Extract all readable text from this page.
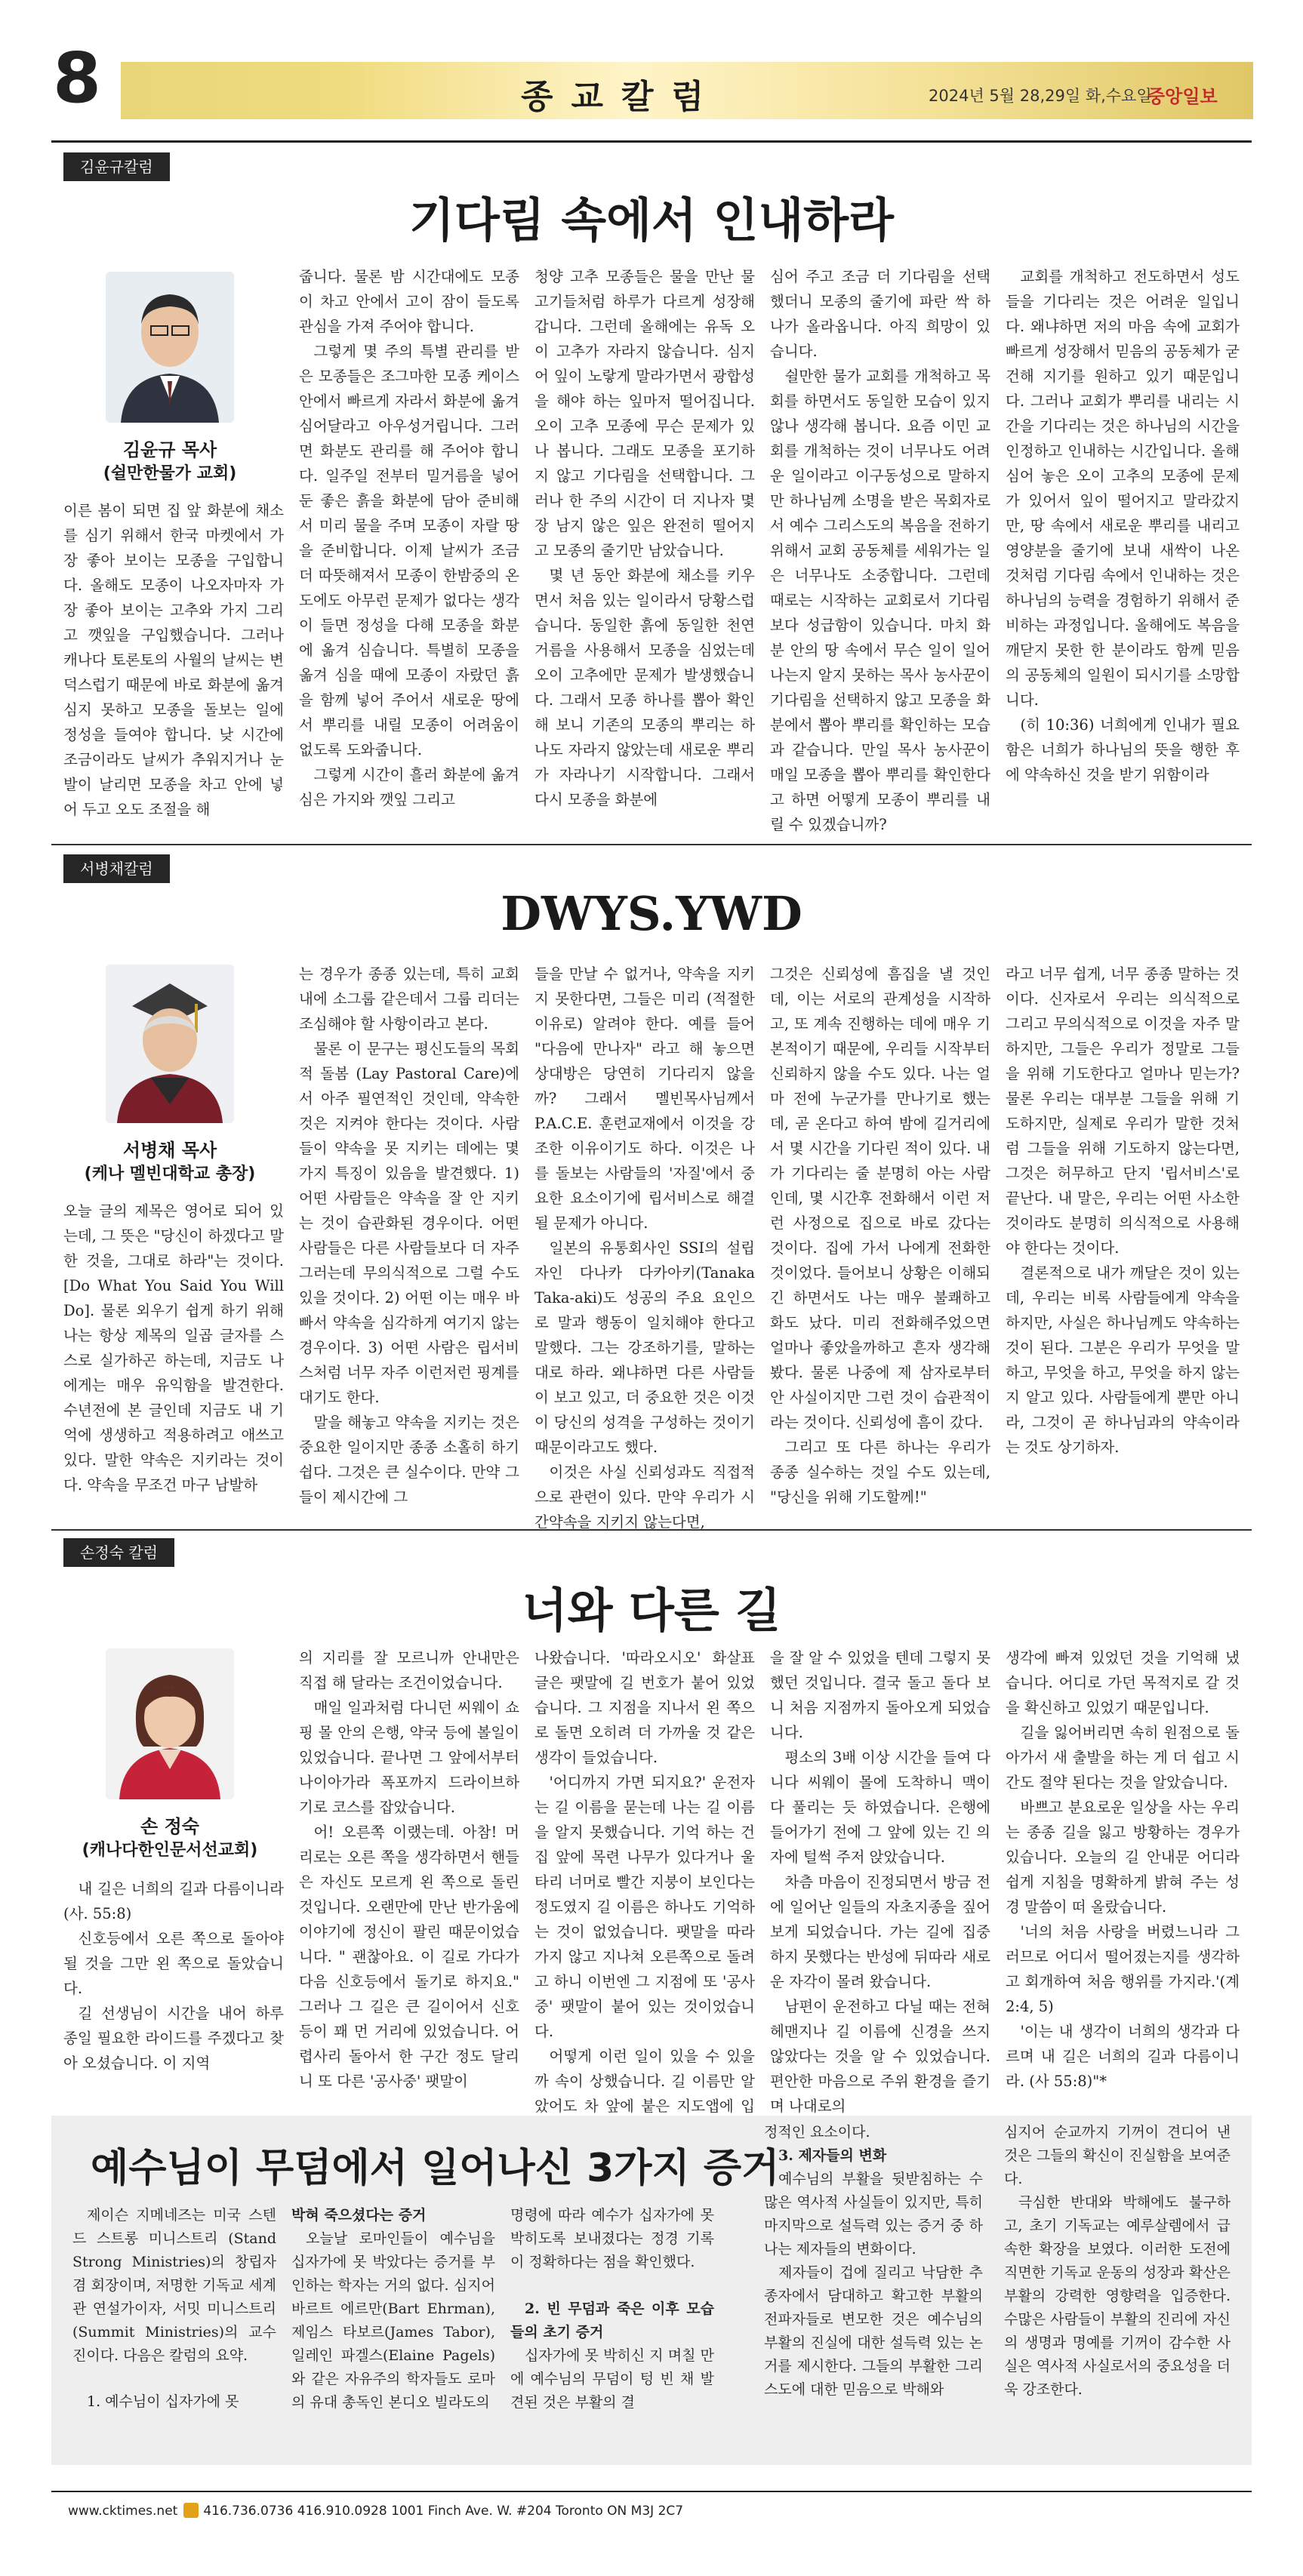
8	종교칼럼	2024년 5월 28,29일 화,수요일
중앙일보
김윤규칼럼
기다림 속에서 인내하라
김윤규 목사
(쉴만한물가 교회)

이른 봄이 되면 집 앞 화분에 채소를 심기 위해서 한국 마켓에서 가장 좋아 보이는 모종을 구입합니다. 올해도 모종이 나오자마자 가장 좋아 보이는 고추와 가지 그리고 깻잎을 구입했습니다. 그러나 캐나다 토론토의 사월의 날씨는 변덕스럽기 때문에 바로 화분에 옮겨 심지 못하고 모종을 돌보는 일에 정성을 들여야 합니다. 낮 시간에 조금이라도 날씨가 추워지거나 눈발이 날리면 모종을 차고 안에 넣어 두고 오도 조절을 해

줍니다. 물론 밤 시간대에도 모종이 차고 안에서 고이 잠이 들도록 관심을 가져 주어야 합니다.

그렇게 몇 주의 특별 관리를 받은 모종들은 조그마한 모종 케이스 안에서 빠르게 자라서 화분에 옮겨 심어달라고 아우성거립니다. 그러면 화분도 관리를 해 주어야 합니다. 일주일 전부터 밀거름을 넣어 둔 좋은 흙을 화분에 담아 준비해서 미리 물을 주며 모종이 자랄 땅을 준비합니다. 이제 날씨가 조금 더 따뜻해져서 모종이 한밤중의 온도에도 아무런 문제가 없다는 생각이 들면 정성을 다해 모종을 화분에 옮겨 심습니다. 특별히 모종을 옮겨 심을 때에 모종이 자랐던 흙을 함께 넣어 주어서 새로운 땅에서 뿌리를 내릴 모종이 어려움이 없도록 도와줍니다.

그렇게 시간이 흘러 화분에 옮겨 심은 가지와 깻잎 그리고

청양 고추 모종들은 물을 만난 물고기들처럼 하루가 다르게 성장해 갑니다. 그런데 올해에는 유독 오이 고추가 자라지 않습니다. 심지어 잎이 노랗게 말라가면서 광합성을 해야 하는 잎마저 떨어집니다. 오이 고추 모종에 무슨 문제가 있나 봅니다. 그래도 모종을 포기하지 않고 기다림을 선택합니다. 그러나 한 주의 시간이 더 지나자 몇 장 남지 않은 잎은 완전히 떨어지고 모종의 줄기만 남았습니다.

몇 년 동안 화분에 채소를 키우면서 처음 있는 일이라서 당황스럽습니다. 동일한 흙에 동일한 천연 거름을 사용해서 모종을 심었는데 오이 고추에만 문제가 발생했습니다. 그래서 모종 하나를 뽑아 확인해 보니 기존의 모종의 뿌리는 하나도 자라지 않았는데 새로운 뿌리가 자라나기 시작합니다. 그래서 다시 모종을 화분에

심어 주고 조금 더 기다림을 선택했더니 모종의 줄기에 파란 싹 하나가 올라옵니다. 아직 희망이 있습니다.

쉴만한 물가 교회를 개척하고 목회를 하면서도 동일한 모습이 있지 않나 생각해 봅니다. 요즘 이민 교회를 개척하는 것이 너무나도 어려운 일이라고 이구동성으로 말하지만 하나님께 소명을 받은 목회자로서 예수 그리스도의 복음을 전하기 위해서 교회 공동체를 세워가는 일은 너무나도 소중합니다. 그런데 때로는 시작하는 교회로서 기다림보다 성급함이 있습니다. 마치 화분 안의 땅 속에서 무슨 일이 일어나는지 알지 못하는 목사 농사꾼이 기다림을 선택하지 않고 모종을 화분에서 뽑아 뿌리를 확인하는 모습과 같습니다. 만일 목사 농사꾼이 매일 모종을 뽑아 뿌리를 확인한다고 하면 어떻게 모종이 뿌리를 내릴 수 있겠습니까?

교회를 개척하고 전도하면서 성도들을 기다리는 것은 어려운 일입니다. 왜냐하면 저의 마음 속에 교회가 빠르게 성장해서 믿음의 공동체가 굳건해 지기를 원하고 있기 때문입니다. 그러나 교회가 뿌리를 내리는 시간을 기다리는 것은 하나님의 시간을 인정하고 인내하는 시간입니다. 올해 심어 놓은 오이 고추의 모종에 문제가 있어서 잎이 떨어지고 말라갔지만, 땅 속에서 새로운 뿌리를 내리고 영양분을 줄기에 보내 새싹이 나온 것처럼 기다림 속에서 인내하는 것은 하나님의 능력을 경험하기 위해서 준비하는 과정입니다. 올해에도 복음을 깨닫지 못한 한 분이라도 함께 믿음의 공동체의 일원이 되시기를 소망합니다.

(히 10:36) 너희에게 인내가 필요함은 너희가 하나님의 뜻을 행한 후에 약속하신 것을 받기 위함이라

서병채칼럼
DWYS.YWD
서병채 목사
(케나 멜빈대학교 총장)

오늘 글의 제목은 영어로 되어 있는데, 그 뜻은 "당신이 하겠다고 말한 것을, 그대로 하라"는 것이다. [Do What You Said You Will Do]. 물론 외우기 쉽게 하기 위해 나는 항상 제목의 일곱 글자를 스스로 실가하곤 하는데, 지금도 나에게는 매우 유익함을 발견한다. 수년전에 본 글인데 지금도 내 기억에 생생하고 적용하려고 애쓰고 있다. 말한 약속은 지키라는 것이다. 약속을 무조건 마구 남발하

는 경우가 종종 있는데, 특히 교회 내에 소그룹 같은데서 그룹 리더는 조심해야 할 사항이라고 본다.

물론 이 문구는 평신도들의 목회적 돌봄 (Lay Pastoral Care)에서 아주 필연적인 것인데, 약속한 것은 지켜야 한다는 것이다. 사람들이 약속을 못 지키는 데에는 몇 가지 특징이 있음을 발견했다. 1) 어떤 사람들은 약속을 잘 안 지키는 것이 습관화된 경우이다. 어떤 사람들은 다른 사람들보다 더 자주 그러는데 무의식적으로 그럴 수도 있을 것이다. 2) 어떤 이는 매우 바빠서 약속을 심각하게 여기지 않는 경우이다. 3) 어떤 사람은 립서비스처럼 너무 자주 이런저런 핑계를 대기도 한다.

말을 해놓고 약속을 지키는 것은 중요한 일이지만 종종 소홀히 하기 쉽다. 그것은 큰 실수이다. 만약 그들이 제시간에 그

들을 만날 수 없거나, 약속을 지키지 못한다면, 그들은 미리 (적절한 이유로) 알려야 한다. 예를 들어 "다음에 만나자" 라고 해 놓으면 상대방은 당연히 기다리지 않을까? 그래서 멜빈목사님께서 P.A.C.E. 훈련교재에서 이것을 강조한 이유이기도 하다. 이것은 나를 돌보는 사람들의 '자질'에서 중요한 요소이기에 립서비스로 해결될 문제가 아니다.

일본의 유통회사인 SSI의 설립자인 다나카 다카아키(Tanaka Taka-aki)도 성공의 주요 요인으로 말과 행동이 일치해야 한다고 말했다. 그는 강조하기를, 말하는 대로 하라. 왜냐하면 다른 사람들이 보고 있고, 더 중요한 것은 이것이 당신의 성격을 구성하는 것이기 때문이라고도 했다.

이것은 사실 신뢰성과도 직접적으로 관련이 있다. 만약 우리가 시간약속을 지키지 않는다면,

그것은 신뢰성에 흠집을 낼 것인데, 이는 서로의 관계성을 시작하고, 또 계속 진행하는 데에 매우 기본적이기 때문에, 우리들 시작부터 신뢰하지 않을 수도 있다. 나는 얼마 전에 누군가를 만나기로 했는데, 곧 온다고 하여 밤에 길거리에서 몇 시간을 기다린 적이 있다. 내가 기다리는 줄 분명히 아는 사람인데, 몇 시간후 전화해서 이런 저런 사정으로 집으로 바로 갔다는 것이다. 집에 가서 나에게 전화한 것이었다. 들어보니 상황은 이해되긴 하면서도 나는 매우 불쾌하고 화도 났다. 미리 전화해주었으면 얼마나 좋았을까하고 흔자 생각해봤다. 물론 나중에 제 삼자로부터 안 사실이지만 그런 것이 습관적이라는 것이다. 신뢰성에 흠이 갔다.

그리고 또 다른 하나는 우리가 종종 실수하는 것일 수도 있는데, "당신을 위해 기도할께!"

라고 너무 쉽게, 너무 종종 말하는 것이다. 신자로서 우리는 의식적으로 그리고 무의식적으로 이것을 자주 말하지만, 그들은 우리가 정말로 그들을 위해 기도한다고 얼마나 믿는가? 물론 우리는 대부분 그들을 위해 기도하지만, 실제로 우리가 말한 것처럼 그들을 위해 기도하지 않는다면, 그것은 허무하고 단지 '립서비스'로 끝난다. 내 말은, 우리는 어떤 사소한 것이라도 분명히 의식적으로 사용해야 한다는 것이다.

결론적으로 내가 깨달은 것이 있는데, 우리는 비록 사람들에게 약속을 하지만, 사실은 하나님께도 약속하는 것이 된다. 그분은 우리가 무엇을 말하고, 무엇을 하고, 무엇을 하지 않는지 알고 있다. 사람들에게 뿐만 아니라, 그것이 곧 하나님과의 약속이라는 것도 상기하자.

손정숙 칼럼
너와 다른 길
손 정숙
(캐나다한인문서선교회)

내 길은 너희의 길과 다름이니라 (사. 55:8)

신호등에서 오른 쪽으로 돌아야 될 것을 그만 왼 쪽으로 돌았습니다.

길 선생님이 시간을 내어 하루 종일 필요한 라이드를 주겠다고 찾아 오셨습니다. 이 지역

의 지리를 잘 모르니까 안내만은 직접 해 달라는 조건이었습니다.

매일 일과처럼 다니던 씨웨이 쇼핑 몰 안의 은행, 약국 등에 볼일이 있었습니다. 끝나면 그 앞에서부터 나이아가라 폭포까지 드라이브하기로 코스를 잡았습니다.

어! 오른쪽 이랬는데. 아참! 머리로는 오른 쪽을 생각하면서 핸들은 자신도 모르게 왼 쪽으로 돌린 것입니다. 오랜만에 만난 반가움에 이야기에 정신이 팔린 때문이었습니다. " 괜찮아요. 이 길로 가다가 다음 신호등에서 돌기로 하지요." 그러나 그 길은 큰 길이어서 신호등이 꽤 먼 거리에 있었습니다. 어렵사리 돌아서 한 구간 정도 달리니 또 다른 '공사중' 팻말이

나왔습니다. '따라오시오' 화살표 글은 팻말에 길 번호가 붙어 있었습니다. 그 지점을 지나서 왼 쪽으로 돌면 오히려 더 가까울 것 같은 생각이 들었습니다.

'어디까지 가면 되지요?' 운전자는 길 이름을 묻는데 나는 길 이름을 알지 못했습니다. 기억 하는 건 집 앞에 목련 나무가 있다거나 울타리 너머로 빨간 지붕이 보인다는 정도였지 길 이름은 하나도 기억하는 것이 없었습니다. 팻말을 따라가지 않고 지나쳐 오른쪽으로 돌려고 하니 이번엔 그 지점에 또 '공사 중' 팻말이 붙어 있는 것이었습니다.

어떻게 이런 일이 있을 수 있을까 속이 상했습니다. 길 이름만 알았어도 차 앞에 붙은 지도앱에 입

을 잘 알 수 있었을 텐데 그렇지 못했던 것입니다. 결국 돌고 돌다 보니 처음 지점까지 돌아오게 되었습니다.

평소의 3배 이상 시간을 들여 다니다 씨웨이 몰에 도착하니 맥이 다 풀리는 듯 하였습니다. 은행에 들어가기 전에 그 앞에 있는 긴 의자에 털썩 주저 앉았습니다.

차츰 마음이 진정되면서 방금 전에 일어난 일들의 자초지종을 짚어 보게 되었습니다. 가는 길에 집중하지 못했다는 반성에 뒤따라 새로운 자각이 몰려 왔습니다.

남편이 운전하고 다닐 때는 전혀 헤맨지나 길 이름에 신경을 쓰지 않았다는 것을 알 수 있었습니다. 편안한 마음으로 주위 환경을 즐기며 나대로의

생각에 빠져 있었던 것을 기억해 냈습니다. 어디로 가던 목적지로 갈 것을 확신하고 있었기 때문입니다.

길을 잃어버리면 속히 원점으로 돌아가서 새 출발을 하는 게 더 쉽고 시간도 절약 된다는 것을 알았습니다.

바쁘고 분요로운 일상을 사는 우리는 종종 길을 잃고 방황하는 경우가 있습니다. 오늘의 길 안내문 어디라 쉽게 지침을 명확하게 밝혀 주는 성경 말씀이 떠 올랐습니다.

'너의 처음 사랑을 버렸느니라 그러므로 어디서 떨어졌는지를 생각하고 회개하여 처음 행위를 가지라.'(계2:4, 5)

'이는 내 생각이 너희의 생각과 다르며 내 길은 너희의 길과 다름이니라. (사 55:8)"*

예수님이 무덤에서 일어나신 3가지 증거

제이슨 지메네즈는 미국 스텐드 스트롱 미니스트리 (Stand Strong Ministries)의 창립자 겸 회장이며, 저명한 기독교 세계관 연설가이자, 서밋 미니스트리(Summit Ministries)의 교수진이다. 다음은 칼럼의 요약.

1. 예수님이 십자가에 못

박혀 죽으셨다는 증거

오늘날 로마인들이 예수님을 십자가에 못 박았다는 증거를 부인하는 학자는 거의 없다. 심지어 바르트 에르만(Bart Ehrman), 제임스 타보르(James Tabor), 일레인 파겔스(Elaine Pagels)와 같은 자유주의 학자들도 로마의 유대 총독인 본디오 빌라도의

명령에 따라 예수가 십자가에 못 박히도록 보내졌다는 정경 기록이 정확하다는 점을 확인했다.

2. 빈 무덤과 죽은 이후 모습들의 초기 증거

십자가에 못 박히신 지 며칠 만에 예수님의 무덤이 텅 빈 채 발견된 것은 부활의 결

정적인 요소이다.

3. 제자들의 변화

예수님의 부활을 뒷받침하는 수많은 역사적 사실들이 있지만, 특히 마지막으로 설득력 있는 증거 중 하나는 제자들의 변화이다.

제자들이 겁에 질리고 낙담한 추종자에서 담대하고 확고한 부활의 전파자들로 변모한 것은 예수님의 부활의 진실에 대한 설득력 있는 논거를 제시한다. 그들의 부활한 그리스도에 대한 믿음으로 박해와

심지어 순교까지 기꺼이 견디어 낸 것은 그들의 확신이 진실함을 보여준다.

극심한 반대와 박해에도 불구하고, 초기 기독교는 예루살렘에서 급속한 확장을 보였다. 이러한 도전에 직면한 기독교 운동의 성장과 확산은 부활의 강력한 영향력을 입증한다. 수많은 사람들이 부활의 진리에 자신의 생명과 명예를 기꺼이 감수한 사실은 역사적 사실로서의 중요성을 더욱 강조한다.

www.cktimes.net 416.736.0736 416.910.0928 1001 Finch Ave. W. #204 Toronto ON M3J 2C7
